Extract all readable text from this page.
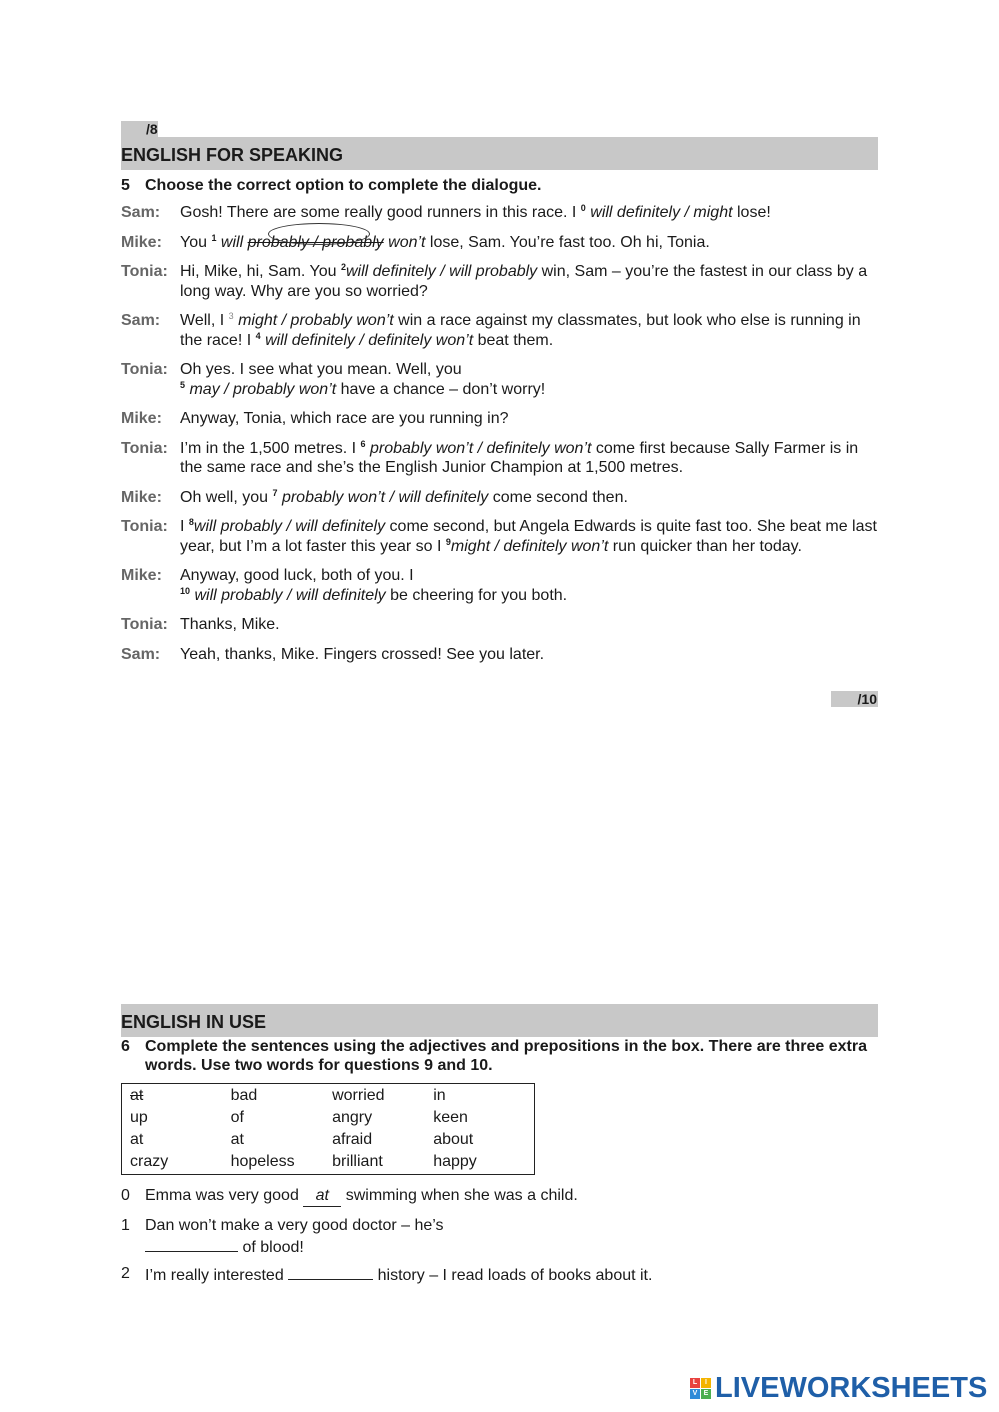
/8
ENGLISH FOR SPEAKING
5 Choose the correct option to complete the dialogue.
Sam:	Gosh! There are some really good runners in this race. I $^0$ will definitely / might lose!
Mike:	You $^1$ will probably / probably won’t lose, Sam. You’re fast too. Oh hi, Tonia.
Tonia: Hi, Mike, hi, Sam. You $^2$will definitely / will probably win, Sam – you’re the fastest in our class by a long way. Why are you so worried?
Sam:	Well, I $^3$ might / probably won’t win a race against my classmates, but look who else is running in the race! I $^4$ will definitely / definitely won’t beat them.
Tonia: Oh yes. I see what you mean. Well, you
$^5$ may / probably won’t have a chance – don’t worry!
Mike:	Anyway, Tonia, which race are you running in?
Tonia: I’m in the 1,500 metres. I $^6$ probably won’t / definitely won’t come first because Sally Farmer is in the same race and she’s the English Junior Champion at 1,500 metres.
Mike:	Oh well, you $^7$ probably won’t / will definitely come second then.
Tonia: I $^8$will probably / will definitely come second, but Angela Edwards is quite fast too. She beat me last year, but I’m a lot faster this year so I $^9$might / definitely won’t run quicker than her today.
Mike:	Anyway, good luck, both of you. I
$^{10}$ will probably / will definitely be cheering for you both.
Tonia: Thanks, Mike.
Sam:	Yeah, thanks, Mike. Fingers crossed! See you later.
/10
ENGLISH IN USE
6 Complete the sentences using the adjectives and prepositions in the box. There are three extra words. Use two words for questions 9 and 10.
at	bad	worried	in
up	of	angry	keen
at	at	afraid	about
crazy	hopeless	brilliant	happy
0 Emma was very good at swimming when she was a child.
1 Dan won’t make a very good doctor – he’s
of blood!
2 I’m really interested	history – I read loads of books about it.
L	I
V E LIVEWORKSHEETS
